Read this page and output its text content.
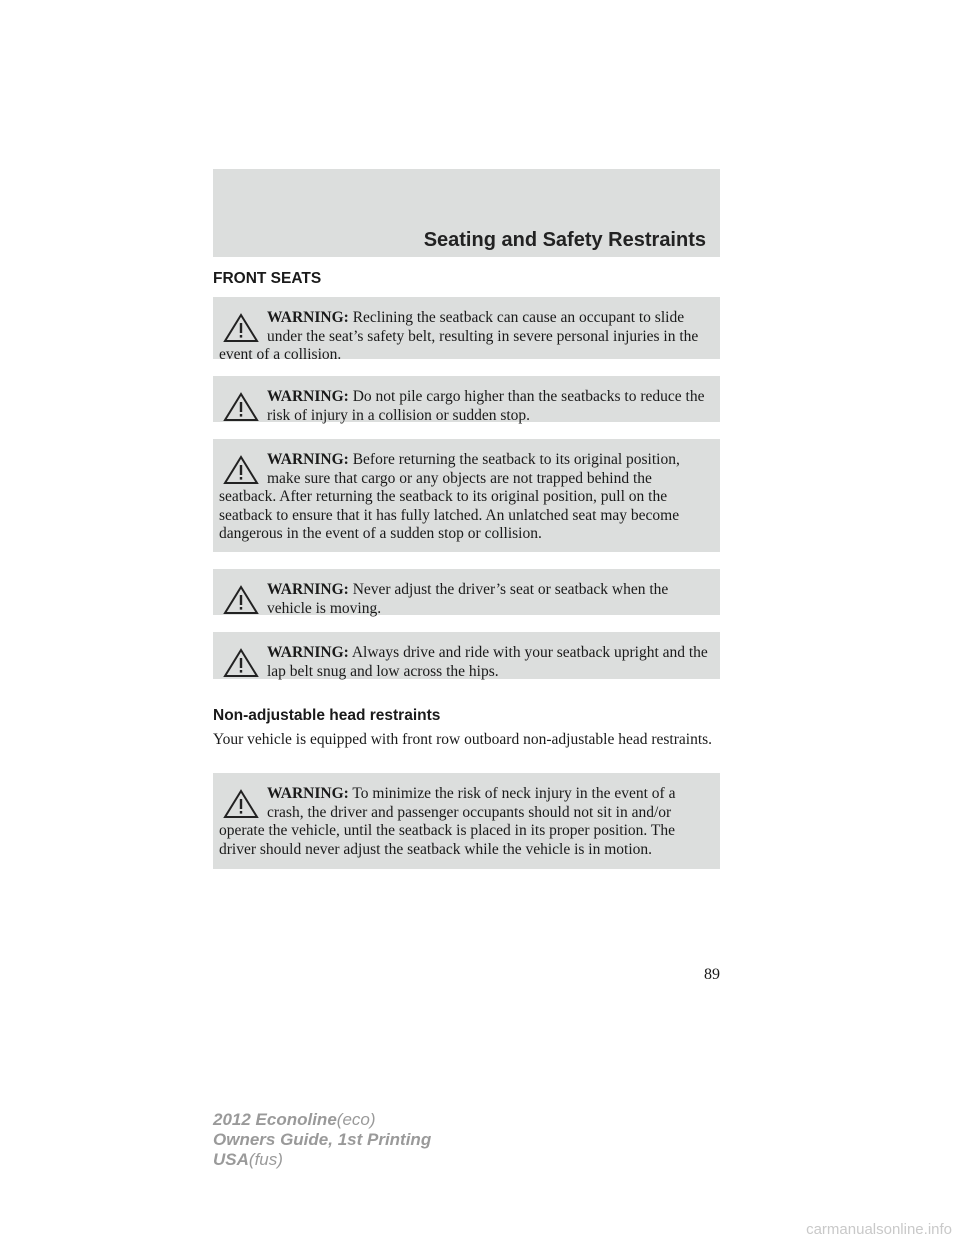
Seating and Safety Restraints
FRONT SEATS
WARNING: Reclining the seatback can cause an occupant to slide under the seat’s safety belt, resulting in severe personal injuries in the event of a collision.
WARNING: Do not pile cargo higher than the seatbacks to reduce the risk of injury in a collision or sudden stop.
WARNING: Before returning the seatback to its original position, make sure that cargo or any objects are not trapped behind the seatback. After returning the seatback to its original position, pull on the seatback to ensure that it has fully latched. An unlatched seat may become dangerous in the event of a sudden stop or collision.
WARNING: Never adjust the driver’s seat or seatback when the vehicle is moving.
WARNING: Always drive and ride with your seatback upright and the lap belt snug and low across the hips.
Non-adjustable head restraints
Your vehicle is equipped with front row outboard non-adjustable head restraints.
WARNING: To minimize the risk of neck injury in the event of a crash, the driver and passenger occupants should not sit in and/or operate the vehicle, until the seatback is placed in its proper position. The driver should never adjust the seatback while the vehicle is in motion.
89
2012 Econoline(eco)
Owners Guide, 1st Printing
USA(fus)
carmanualsonline.info
